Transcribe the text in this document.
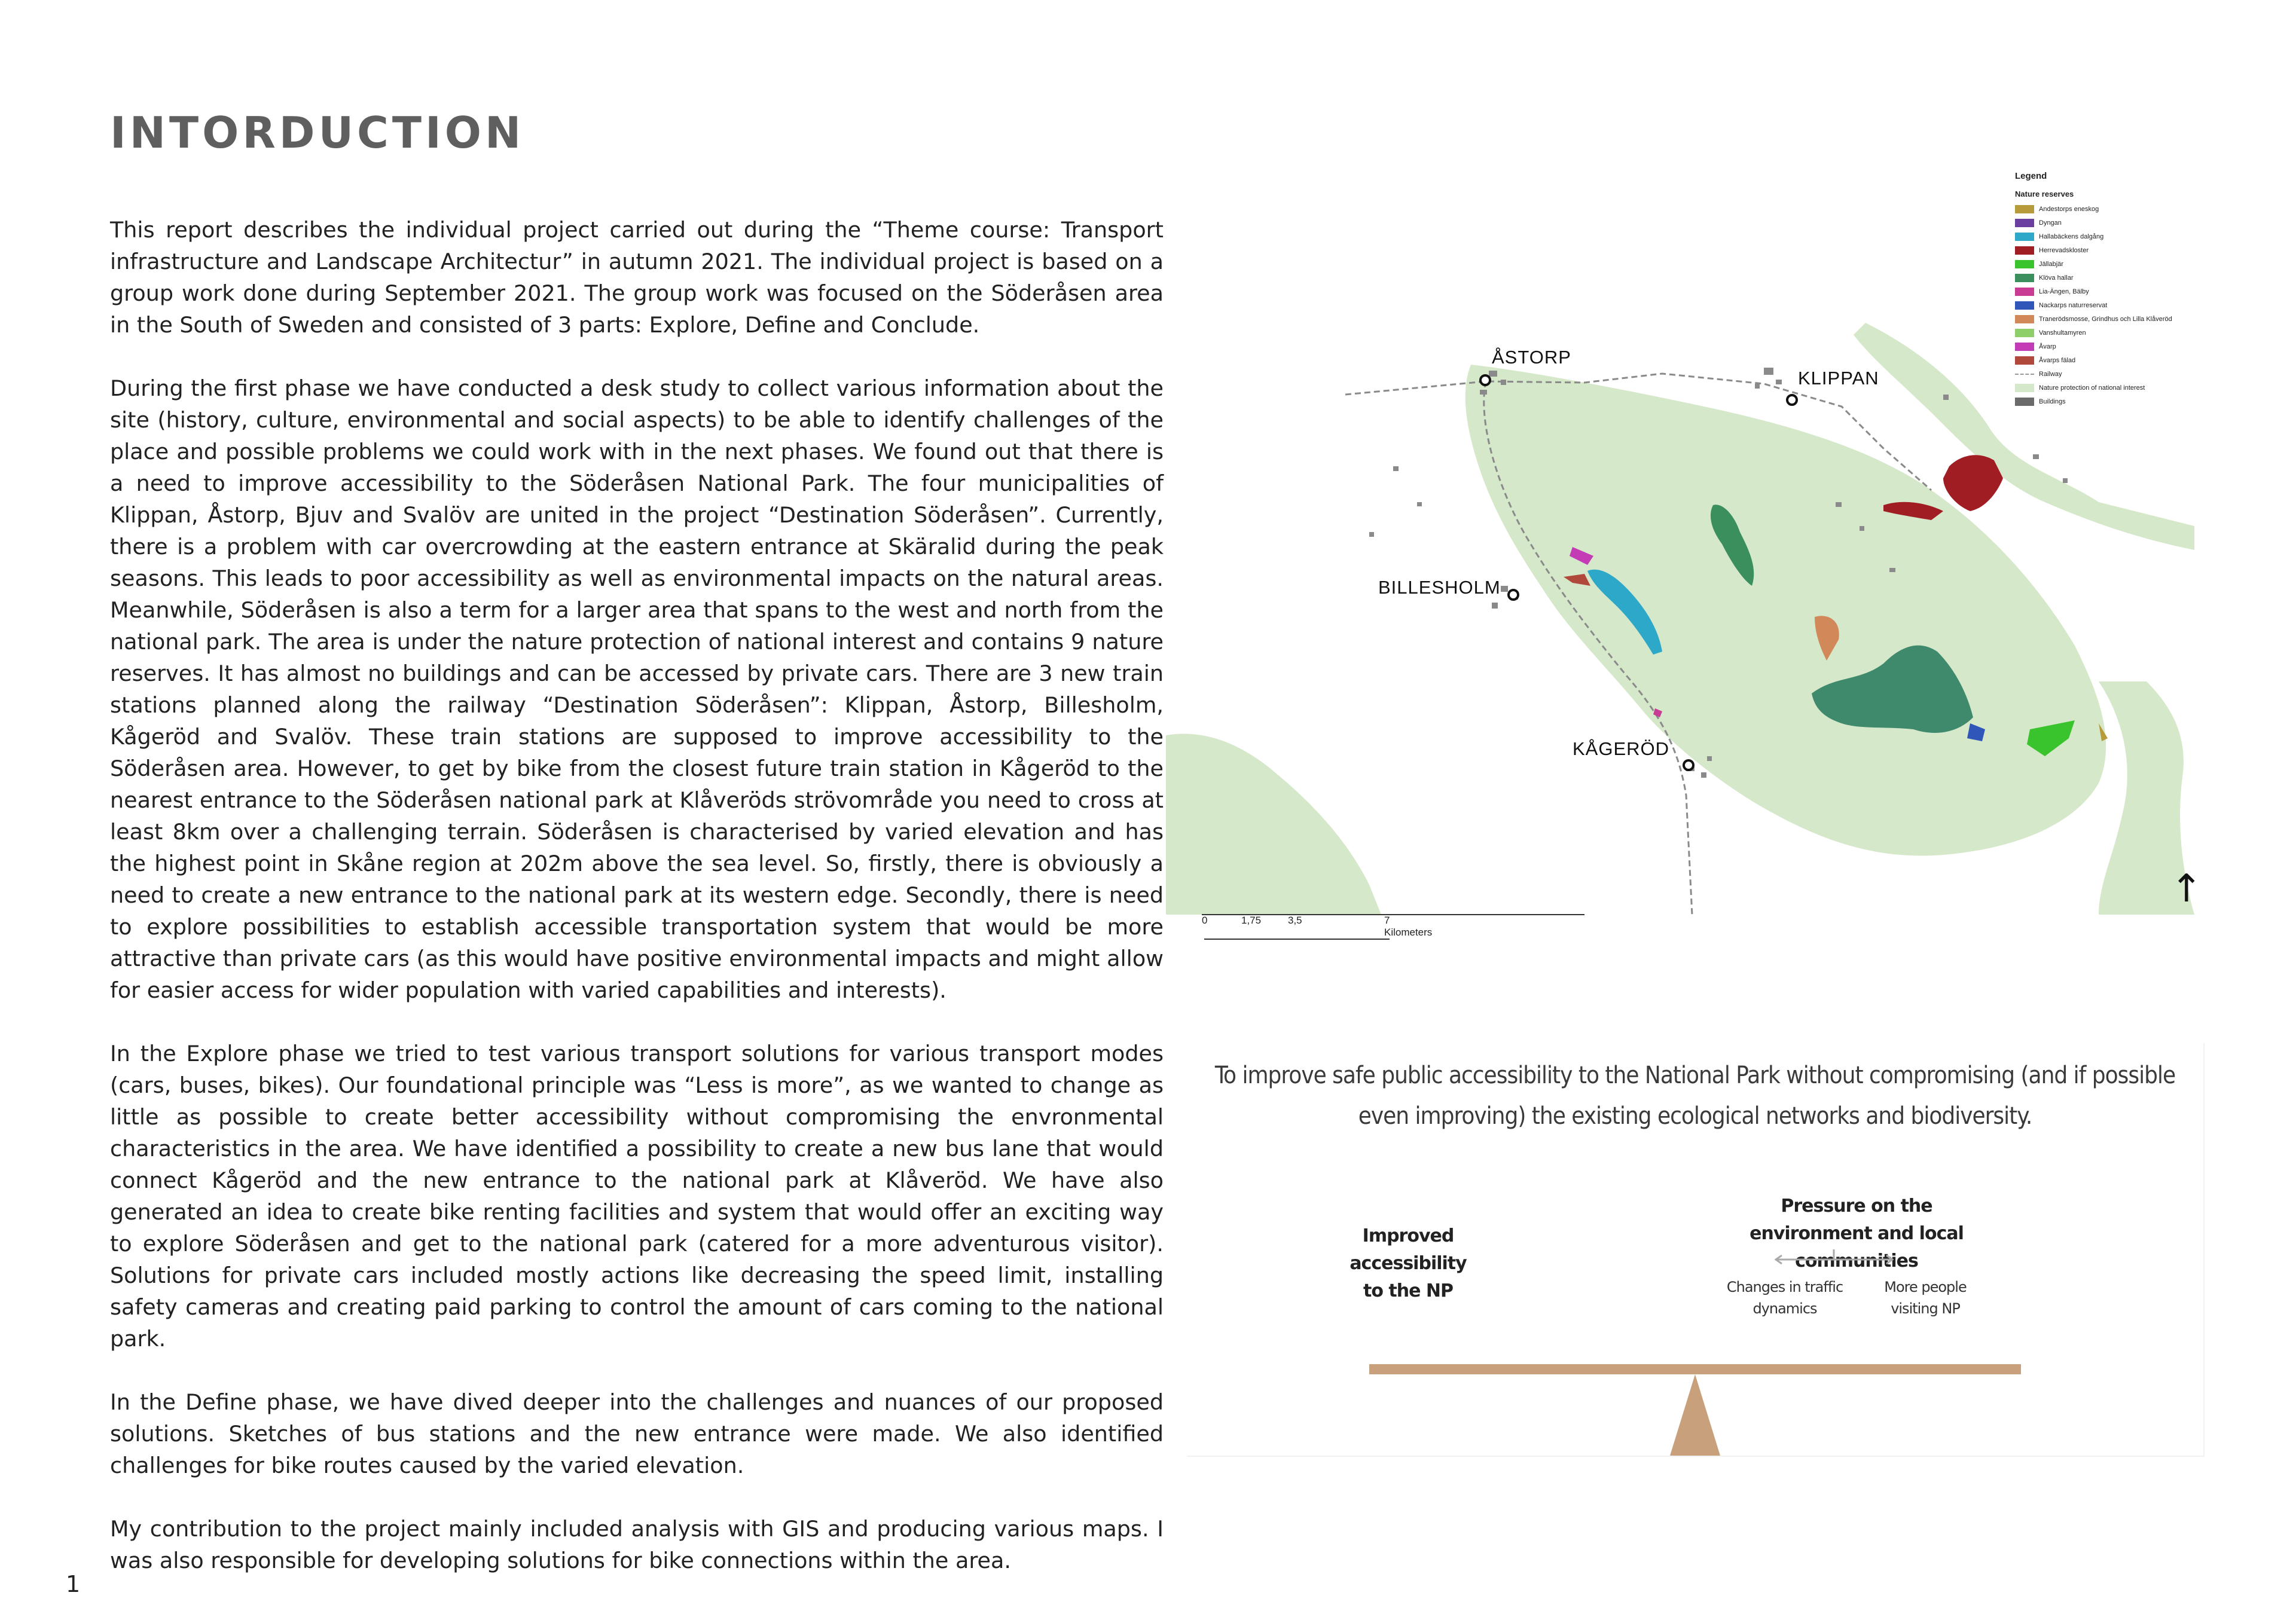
INTORDUCTION

This report describes the individual project carried out during the “Theme course: Transport infrastructure and Landscape Architectur” in autumn 2021. The individual project is based on a group work done during September 2021. The group work was focused on the Söderåsen area in the South of Sweden and consisted of 3 parts: Explore, Define and Conclude.

During the first phase we have conducted a desk study to collect various information about the site (history, culture, environmental and social aspects) to be able to identify challenges of the place and possible problems we could work with in the next phases. We found out that there is a need to improve accessibility to the Söderåsen National Park. The four municipalities of Klippan, Åstorp, Bjuv and Svalöv are united in the project “Destination Söderåsen”. Currently, there is a problem with car overcrowding at the eastern entrance at Skäralid during the peak seasons. This leads to poor accessibility as well as environmental impacts on the natural areas. Meanwhile, Söderåsen is also a term for a larger area that spans to the west and north from the national park. The area is under the nature protection of national interest and contains 9 nature reserves. It has almost no buildings and can be accessed by private cars. There are 3 new train stations planned along the railway “Destination Söderåsen”: Klippan, Åstorp, Billesholm, Kågeröd and Svalöv. These train stations are supposed to improve accessibility to the Söderåsen area. However, to get by bike from the closest future train station in Kågeröd to the nearest entrance to the Söderåsen national park at Klåveröds strövområde you need to cross at least 8km over a challenging terrain. Söderåsen is characterised by varied elevation and has the highest point in Skåne region at 202m above the sea level. So, firstly, there is obviously a need to create a new entrance to the national park at its western edge. Secondly, there is need to explore possibilities to establish accessible transportation system that would be more attractive than private cars (as this would have positive environmental impacts and might allow for easier access for wider population with varied capabilities and interests).

In the Explore phase we tried to test various transport solutions for various transport modes (cars, buses, bikes). Our foundational principle was “Less is more”, as we wanted to change as little as possible to create better accessibility without compromising the envronmental characteristics in the area. We have identified a possibility to create a new bus lane that would connect Kågeröd and the new entrance to the national park at Klåveröd. We have also generated an idea to create bike renting facilities and system that would offer an exciting way to explore Söderåsen and get to the national park (catered for a more adventurous visitor). Solutions for private cars included mostly actions like decreasing the speed limit, installing safety cameras and creating paid parking to control the amount of cars coming to the national park.

In the Define phase, we have dived deeper into the challenges and nuances of our proposed solutions. Sketches of bus stations and the new entrance were made. We also identified challenges for bike routes caused by the varied elevation.

My contribution to the project mainly included analysis with GIS and producing various maps. I was also responsible for developing solutions for bike connections within the area.

1
ÅSTORP
KLIPPAN
BILLESHOLM
KÅGERÖD
Legend
Nature reserves
Andestorps eneskog
Dyngan
Hallabäckens dalgång
Herrevadskloster
Jällabjär
Klöva hallar
Lia-Ängen, Bälby
Nackarps naturreservat
Tranerödsmosse, Grindhus och Lilla Klåveröd
Vanshultamyren
Åvarp
Åvarps fälad
Railway
Nature protection of national interest
Buildings
0	1,75	3,5	7 Kilometers
↑

To improve safe public accessibility to the National Park without compromising (and if possible even improving) the existing ecological networks and biodiversity.

Improved accessibility to the NP
Pressure on the environment and local communities
Changes in traffic dynamics
More people visiting NP
